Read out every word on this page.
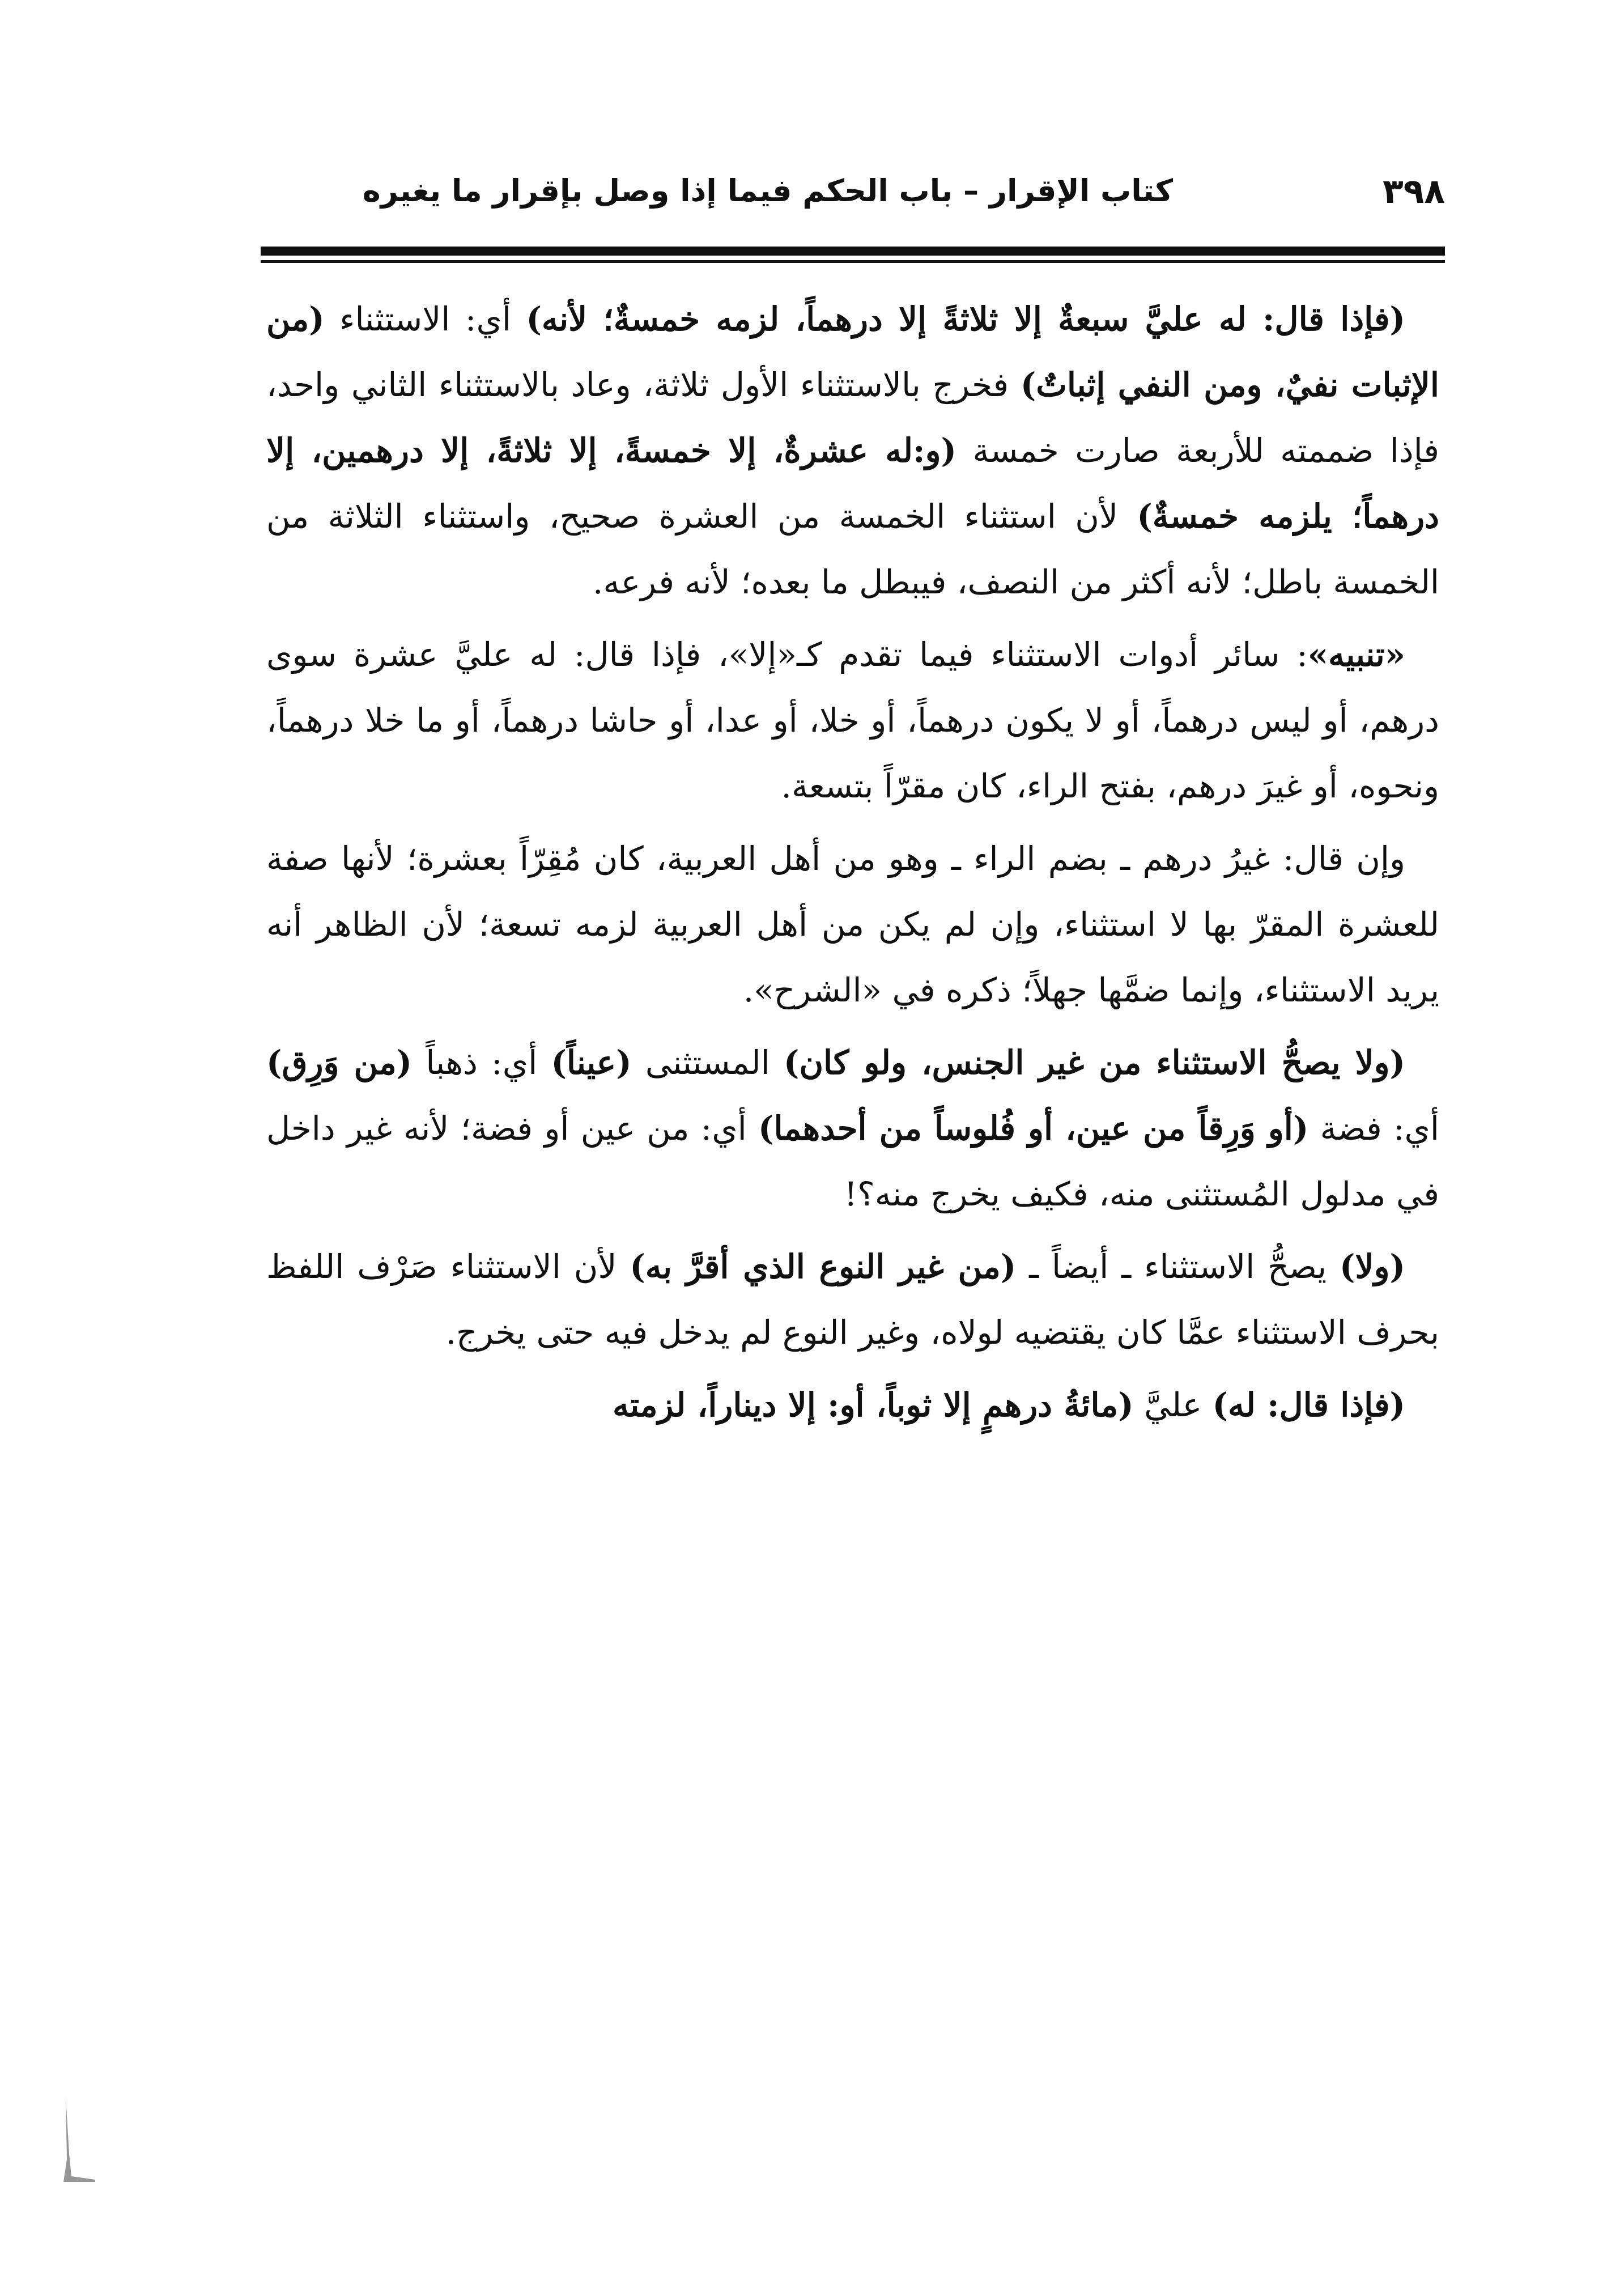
٣٩٨
كتاب الإقرار – باب الحكم فيما إذا وصل بإقرار ما يغيره

(فإذا قال: له عليَّ سبعةٌ إلا ثلاثةً إلا درهماً، لزمه خمسةٌ؛ لأنه) أي: الاستثناء (من الإثبات نفيٌ، ومن النفي إثباتٌ) فخرج بالاستثناء الأول ثلاثة، وعاد بالاستثناء الثاني واحد، فإذا ضممته للأربعة صارت خمسة (و:له عشرةٌ، إلا خمسةً، إلا ثلاثةً، إلا درهمين، إلا درهماً؛ يلزمه خمسةٌ) لأن استثناء الخمسة من العشرة صحيح، واستثناء الثلاثة من الخمسة باطل؛ لأنه أكثر من النصف، فيبطل ما بعده؛ لأنه فرعه.

«تنبيه»: سائر أدوات الاستثناء فيما تقدم كـ«إلا»، فإذا قال: له عليَّ عشرة سوى درهم، أو ليس درهماً، أو لا يكون درهماً، أو خلا، أو عدا، أو حاشا درهماً، أو ما خلا درهماً، ونحوه، أو غيرَ درهم، بفتح الراء، كان مقرّاً بتسعة.

وإن قال: غيرُ درهم ـ بضم الراء ـ وهو من أهل العربية، كان مُقِرّاً بعشرة؛ لأنها صفة للعشرة المقرّ بها لا استثناء، وإن لم يكن من أهل العربية لزمه تسعة؛ لأن الظاهر أنه يريد الاستثناء، وإنما ضمَّها جهلاً؛ ذكره في «الشرح».

(ولا يصحُّ الاستثناء من غير الجنس، ولو كان) المستثنى (عيناً) أي: ذهباً (من وَرِق) أي: فضة (أو وَرِقاً من عين، أو فُلوساً من أحدهما) أي: من عين أو فضة؛ لأنه غير داخل في مدلول المُستثنى منه، فكيف يخرج منه؟!

(ولا) يصحُّ الاستثناء ـ أيضاً ـ (من غير النوع الذي أقرَّ به) لأن الاستثناء صَرْف اللفظ بحرف الاستثناء عمَّا كان يقتضيه لولاه، وغير النوع لم يدخل فيه حتى يخرج.

(فإذا قال: له) عليَّ (مائةُ درهمٍ إلا ثوباً، أو: إلا ديناراً، لزمته
